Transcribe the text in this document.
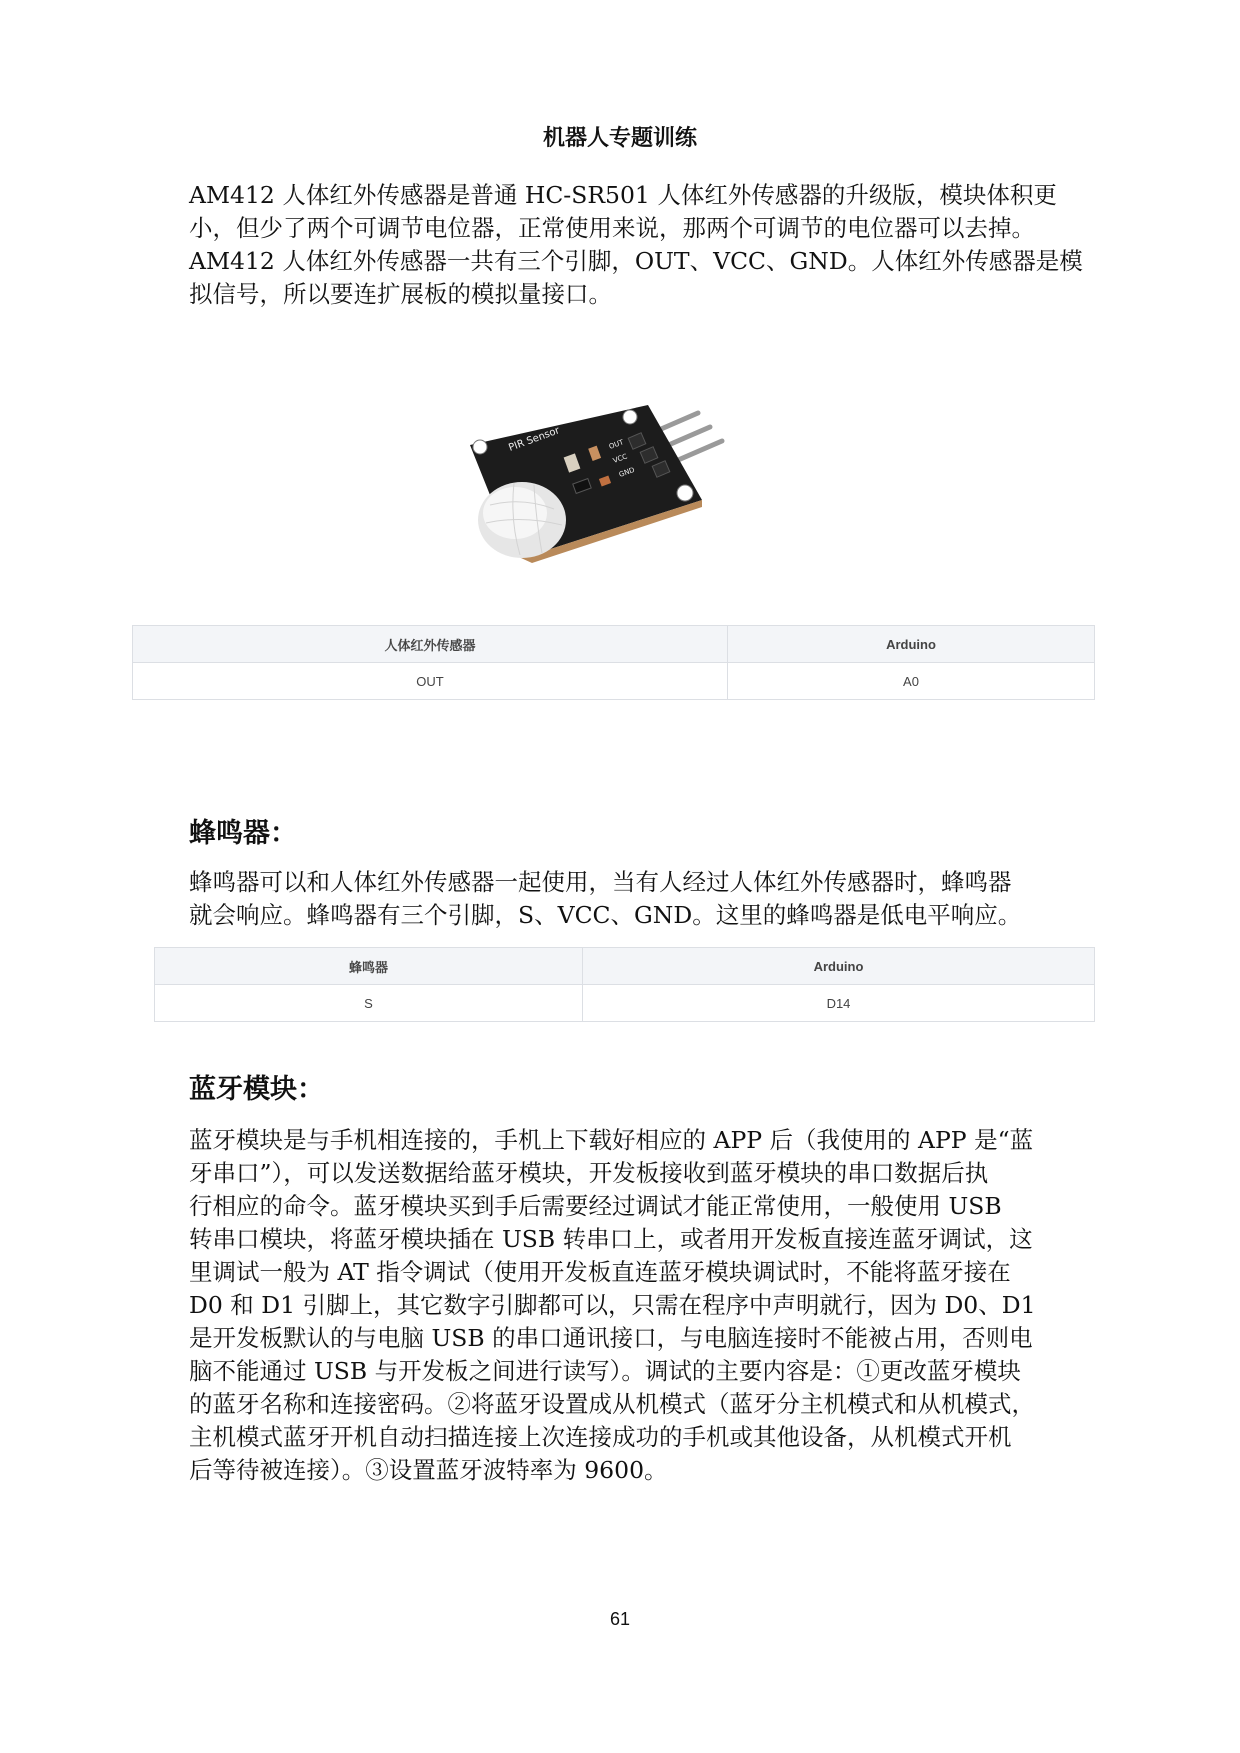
机器人专题训练
AM412 人体红外传感器是普通 HC-SR501 人体红外传感器的升级版，模块体积更
小，但少了两个可调节电位器，正常使用来说，那两个可调节的电位器可以去掉。
AM412 人体红外传感器一共有三个引脚，OUT、VCC、GND。人体红外传感器是模
拟信号，所以要连扩展板的模拟量接口。
PIR Sensor	OUT
VCC
GND
人体红外传感器	Arduino
OUT	A0
蜂鸣器：
蜂鸣器可以和人体红外传感器一起使用，当有人经过人体红外传感器时，蜂鸣器
就会响应。蜂鸣器有三个引脚，S、VCC、GND。这里的蜂鸣器是低电平响应。
蜂鸣器	Arduino
S	D14
蓝牙模块：
蓝牙模块是与手机相连接的，手机上下载好相应的 APP 后（我使用的 APP 是“蓝
牙串口”），可以发送数据给蓝牙模块，开发板接收到蓝牙模块的串口数据后执
行相应的命令。蓝牙模块买到手后需要经过调试才能正常使用，一般使用 USB
转串口模块，将蓝牙模块插在 USB 转串口上，或者用开发板直接连蓝牙调试，这
里调试一般为 AT 指令调试（使用开发板直连蓝牙模块调试时，不能将蓝牙接在
D0 和 D1 引脚上，其它数字引脚都可以，只需在程序中声明就行，因为 D0、D1
是开发板默认的与电脑 USB 的串口通讯接口，与电脑连接时不能被占用，否则电
脑不能通过 USB 与开发板之间进行读写）。调试的主要内容是：①更改蓝牙模块
的蓝牙名称和连接密码。②将蓝牙设置成从机模式（蓝牙分主机模式和从机模式，
主机模式蓝牙开机自动扫描连接上次连接成功的手机或其他设备，从机模式开机
后等待被连接）。③设置蓝牙波特率为 9600。
61
